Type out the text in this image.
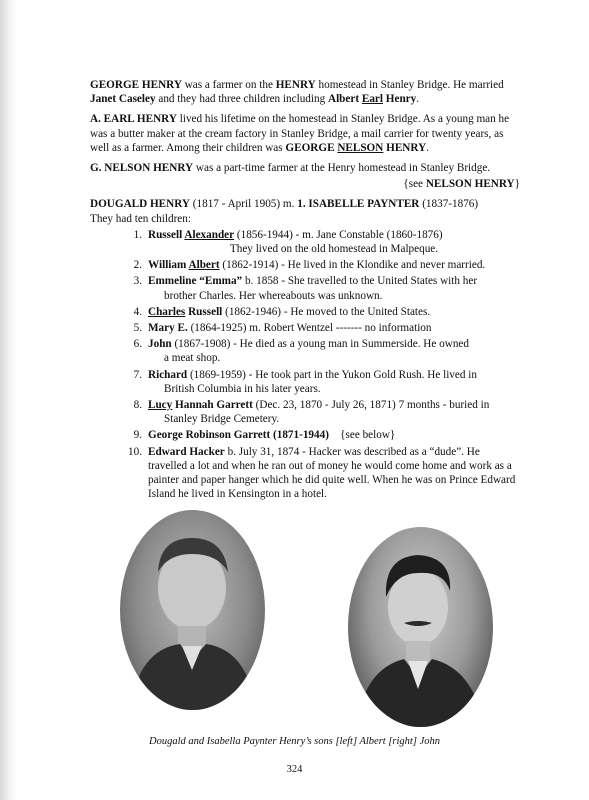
GEORGE HENRY was a farmer on the HENRY homestead in Stanley Bridge. He married Janet Caseley and they had three children including Albert Earl Henry.

A. EARL HENRY lived his lifetime on the homestead in Stanley Bridge. As a young man he was a butter maker at the cream factory in Stanley Bridge, a mail carrier for twenty years, as well as a farmer. Among their children was GEORGE NELSON HENRY.

G. NELSON HENRY was a part-time farmer at the Henry homestead in Stanley Bridge.

{see NELSON HENRY}

DOUGALD HENRY (1817 - April 1905) m. 1. ISABELLE PAYNTER (1837-1876)
They had ten children:

1. Russell Alexander (1856-1944) - m. Jane Constable (1860-1876)
They lived on the old homestead in Malpeque.
2. William Albert (1862-1914) - He lived in the Klondike and never married.
3. Emmeline “Emma” b. 1858 - She travelled to the United States with her
brother Charles. Her whereabouts was unknown.
4. Charles Russell (1862-1946) - He moved to the United States.
5. Mary E. (1864-1925) m. Robert Wentzel ------- no information
6. John (1867-1908) - He died as a young man in Summerside. He owned
a meat shop.
7. Richard (1869-1959) - He took part in the Yukon Gold Rush. He lived in
British Columbia in his later years.
8. Lucy Hannah Garrett (Dec. 23, 1870 - July 26, 1871) 7 months - buried in
Stanley Bridge Cemetery.
9. George Robinson Garrett (1871-1944)    {see below}
10. Edward Hacker b. July 31, 1874 - Hacker was described as a “dude”. He travelled a lot and when he ran out of money he would come home and work as a painter and paper hanger which he did quite well. When he was on Prince Edward Island he lived in Kensington in a hotel.
Dougald and Isabella Paynter Henry’s sons [left] Albert [right] John
324
